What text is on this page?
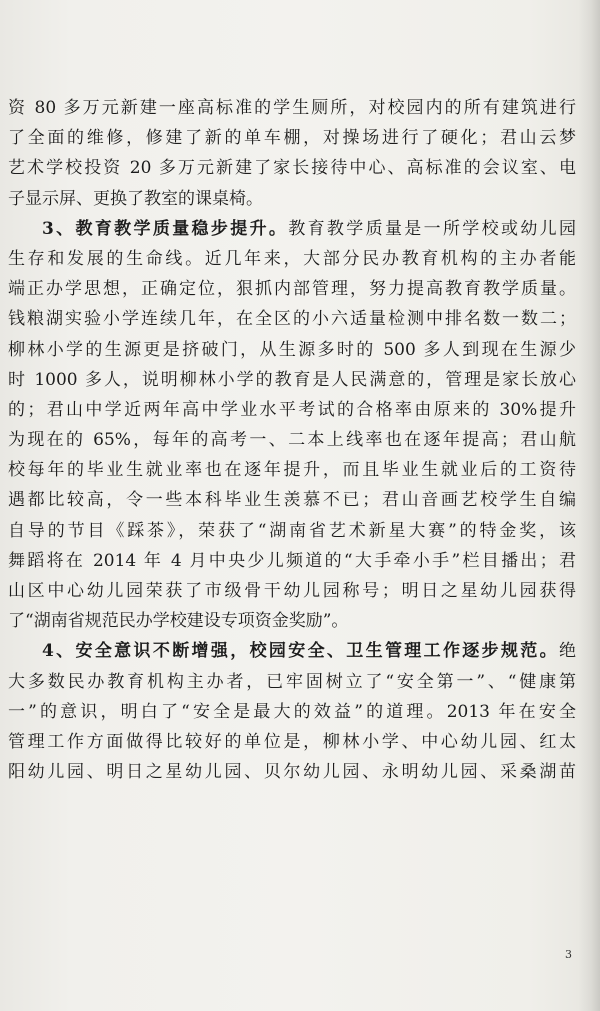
资 80 多万元新建一座高标准的学生厕所，对校园内的所有建筑进行
了全面的维修，修建了新的单车棚，对操场进行了硬化；君山云梦
艺术学校投资 20 多万元新建了家长接待中心、高标准的会议室、电
子显示屏、更换了教室的课桌椅。
3、教育教学质量稳步提升。教育教学质量是一所学校或幼儿园
生存和发展的生命线。近几年来，大部分民办教育机构的主办者能
端正办学思想，正确定位，狠抓内部管理，努力提高教育教学质量。
钱粮湖实验小学连续几年，在全区的小六适量检测中排名数一数二；
柳林小学的生源更是挤破门，从生源多时的 500 多人到现在生源少
时 1000 多人，说明柳林小学的教育是人民满意的，管理是家长放心
的；君山中学近两年高中学业水平考试的合格率由原来的 30%提升
为现在的 65%，每年的高考一、二本上线率也在逐年提高；君山航
校每年的毕业生就业率也在逐年提升，而且毕业生就业后的工资待
遇都比较高，令一些本科毕业生羡慕不已；君山音画艺校学生自编
自导的节目《踩茶》，荣获了“湖南省艺术新星大赛”的特金奖，该
舞蹈将在 2014 年 4 月中央少儿频道的“大手牵小手”栏目播出；君
山区中心幼儿园荣获了市级骨干幼儿园称号；明日之星幼儿园获得
了“湖南省规范民办学校建设专项资金奖励”。
4、安全意识不断增强，校园安全、卫生管理工作逐步规范。绝
大多数民办教育机构主办者，已牢固树立了“安全第一”、“健康第
一”的意识，明白了“安全是最大的效益”的道理。2013 年在安全
管理工作方面做得比较好的单位是，柳林小学、中心幼儿园、红太
阳幼儿园、明日之星幼儿园、贝尔幼儿园、永明幼儿园、采桑湖苗
3
